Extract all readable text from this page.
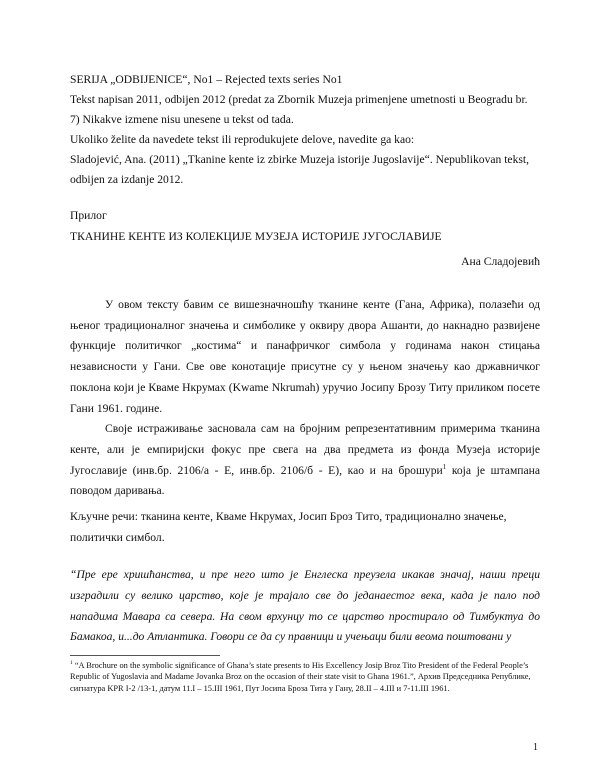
SERIJA „ODBIJENICE“, No1 – Rejected texts series No1

Tekst napisan 2011, odbijen 2012 (predat za Zbornik Muzeja primenjene umetnosti u Beogradu br. 7) Nikakve izmene nisu unesene u tekst od tada.

Ukoliko želite da navedete tekst ili reprodukujete delove, navedite ga kao:

Sladojević, Ana. (2011) „Tkanine kente iz zbirke Muzeja istorije Jugoslavije“. Nepublikovan tekst, odbijen za izdanje 2012.

Прилог
ТКАНИНЕ КЕНТЕ ИЗ КОЛЕКЦИЈЕ МУЗЕЈА ИСТОРИЈЕ ЈУГОСЛАВИЈЕ
Ана Сладојевић

У овом тексту бавим се вишезначношћу тканине кенте (Гана, Африка), полазећи од њеног традиционалног значења и симболике у оквиру двора Ашанти, до накнадно развијене функције политичког „костима“ и панафричког симбола у годинама након стицања независности у Гани. Све ове конотације присутне су у њеном значењу као државничког поклона који је Кваме Нкрумах (Kwame Nkrumah) уручио Јосипу Брозу Титу приликом посете Гани 1961. године.

Своје истраживање засновала сам на бројним репрезентативним примерима тканина кенте, али је емпиријски фокус пре свега на два предмета из фонда Музеја историје Југославије (инв.бр. 2106/а - Е, инв.бр. 2106/б - Е), као и на брошури$^1$ која је штампана поводом даривања.

Кључне речи: тканина кенте, Кваме Нкрумах, Јосип Броз Тито, традиционално значење, политички симбол.
“Пре ере хришћанства, и пре него што је Енглеска преузела икакав значај, наши преци изградили су велико царство, које је трајало све до једанаестог века, када је пало под нападима Мавара са севера. На свом врхунцу то се царство простирало од Тимбуктуа до Бамакоа, и...до Атлантика. Говори се да су правници и учењаци били веома поштовани у
$^1$ “A Brochure on the symbolic significance of Ghana’s state presents to His Excellency Josip Broz Tito President of the Federal People’s Republic of Yugoslavia and Madame Jovanka Broz on the occasion of their state visit to Ghana 1961.”, Архив Председника Републике, сигнатура KPR I-2 /13-1, датум 11.I – 15.III 1961, Пут Јосипа Броза Тита у Гану, 28.II – 4.III и 7-11.III 1961.
1
